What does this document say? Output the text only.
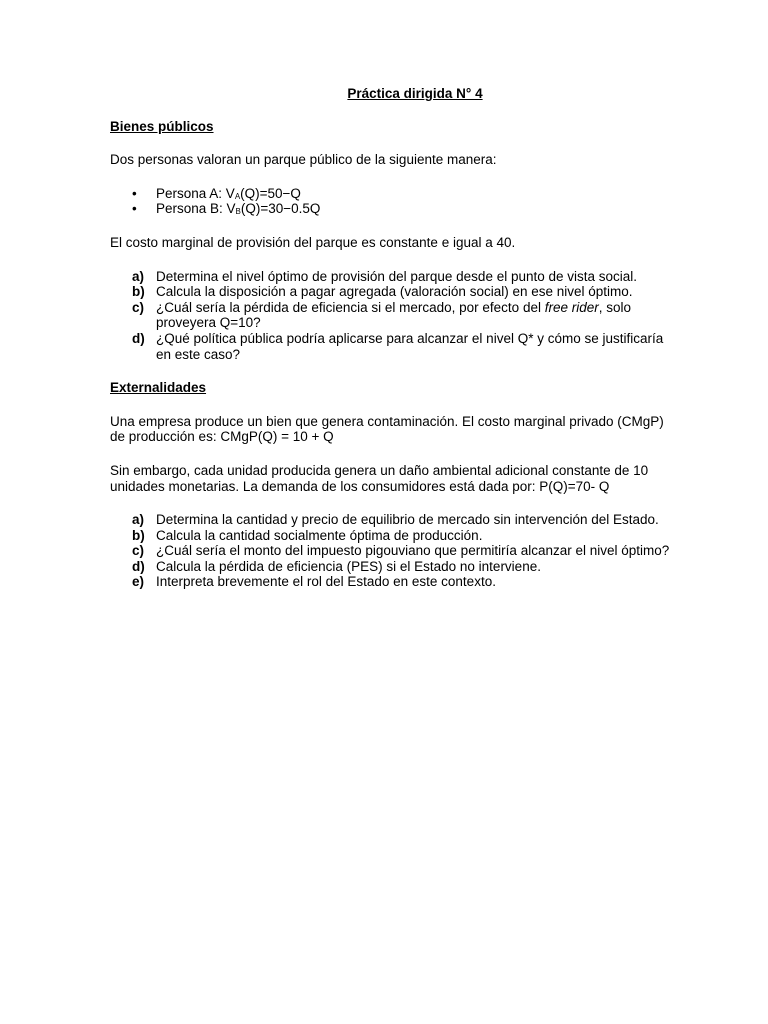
Práctica dirigida N° 4

Bienes públicos

Dos personas valoran un parque público de la siguiente manera:

• Persona A: $V_A(Q)=50-Q$
• Persona B: $V_B(Q)=30-0.5Q$

El costo marginal de provisión del parque es constante e igual a 40.

a) Determina el nivel óptimo de provisión del parque desde el punto de vista social.
b) Calcula la disposición a pagar agregada (valoración social) en ese nivel óptimo.
c) ¿Cuál sería la pérdida de eficiencia si el mercado, por efecto del free rider, solo proveyera Q=10?
d) ¿Qué política pública podría aplicarse para alcanzar el nivel Q* y cómo se justificaría en este caso?

Externalidades

Una empresa produce un bien que genera contaminación. El costo marginal privado (CMgP) de producción es: CMgP(Q) = 10 + Q

Sin embargo, cada unidad producida genera un daño ambiental adicional constante de 10 unidades monetarias. La demanda de los consumidores está dada por: P(Q)=70- Q

a) Determina la cantidad y precio de equilibrio de mercado sin intervención del Estado.
b) Calcula la cantidad socialmente óptima de producción.
c) ¿Cuál sería el monto del impuesto pigouviano que permitiría alcanzar el nivel óptimo?
d) Calcula la pérdida de eficiencia (PES) si el Estado no interviene.
e) Interpreta brevemente el rol del Estado en este contexto.
